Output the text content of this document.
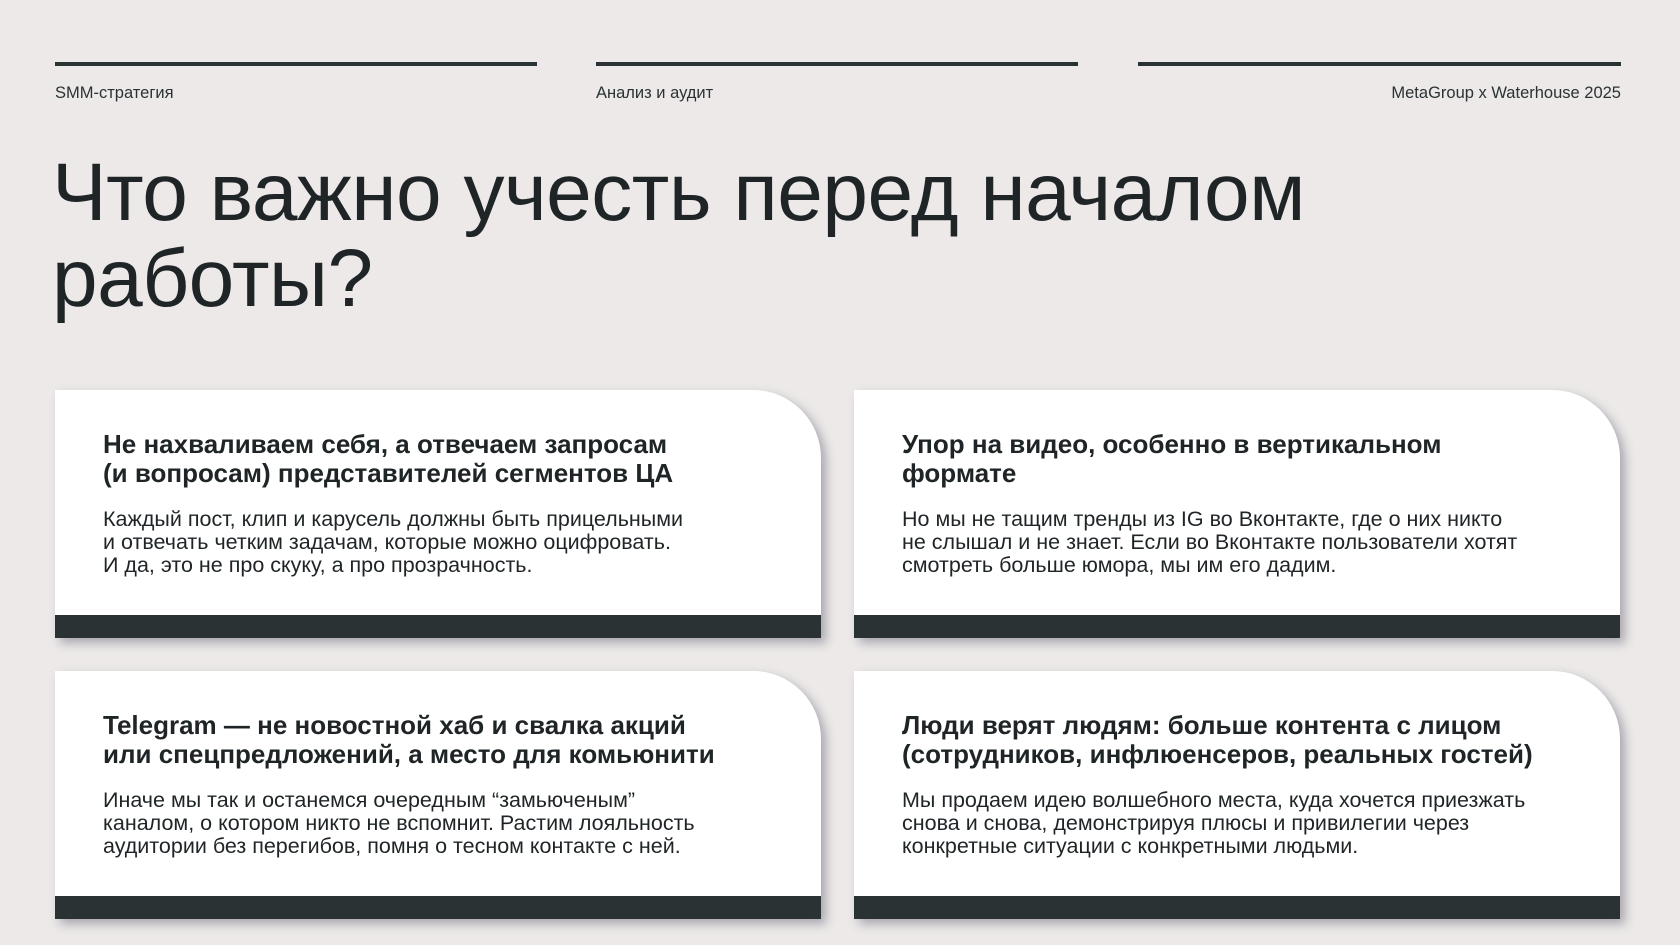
SMM-стратегия	Анализ и аудит	MetaGroup x Waterhouse 2025
Что важно учесть перед началом работы?
Не нахваливаем себя, а отвечаем запросам
(и вопросам) представителей сегментов ЦА
Каждый пост, клип и карусель должны быть прицельными
и отвечать четким задачам, которые можно оцифровать.
И да, это не про скуку, а про прозрачность.
Упор на видео, особенно в вертикальном
формате
Но мы не тащим тренды из IG во Вконтакте, где о них никто
не слышал и не знает. Если во Вконтакте пользователи хотят
смотреть больше юмора, мы им его дадим.
Telegram — не новостной хаб и свалка акций
или спецпредложений, а место для комьюнити
Иначе мы так и останемся очередным “замьюченым”
каналом, о котором никто не вспомнит. Растим лояльность
аудитории без перегибов, помня о тесном контакте с ней.
Люди верят людям: больше контента с лицом
(сотрудников, инфлюенсеров, реальных гостей)
Мы продаем идею волшебного места, куда хочется приезжать
снова и снова, демонстрируя плюсы и привилегии через
конкретные ситуации с конкретными людьми.
